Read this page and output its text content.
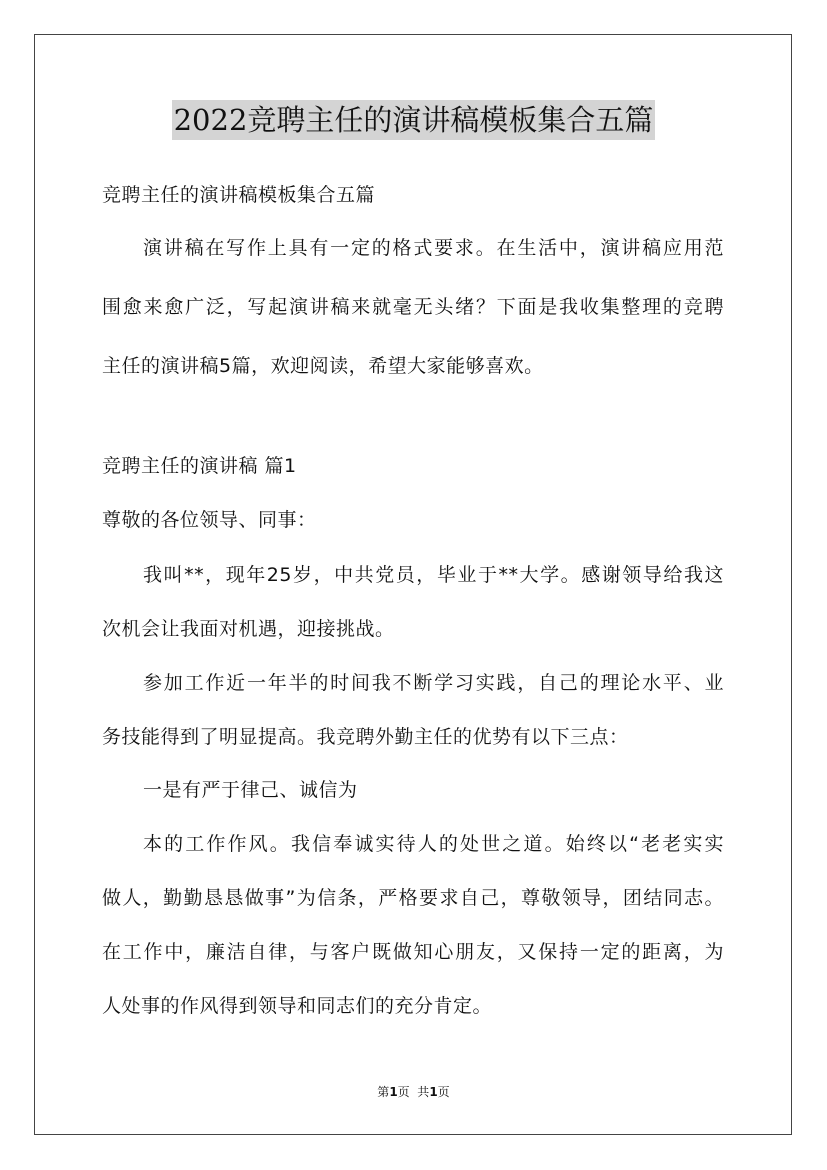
2022竞聘主任的演讲稿模板集合五篇
竞聘主任的演讲稿模板集合五篇
演讲稿在写作上具有一定的格式要求。在生活中，演讲稿应用范
围愈来愈广泛，写起演讲稿来就毫无头绪？下面是我收集整理的竞聘
主任的演讲稿5篇，欢迎阅读，希望大家能够喜欢。
竞聘主任的演讲稿 篇1
尊敬的各位领导、同事：
我叫**，现年25岁，中共党员，毕业于**大学。感谢领导给我这
次机会让我面对机遇，迎接挑战。
参加工作近一年半的时间我不断学习实践，自己的理论水平、业
务技能得到了明显提高。我竞聘外勤主任的优势有以下三点：
一是有严于律己、诚信为
本的工作作风。我信奉诚实待人的处世之道。始终以“老老实实
做人，勤勤恳恳做事”为信条，严格要求自己，尊敬领导，团结同志。
在工作中，廉洁自律，与客户既做知心朋友，又保持一定的距离，为
人处事的作风得到领导和同志们的充分肯定。
第1页  共1页
